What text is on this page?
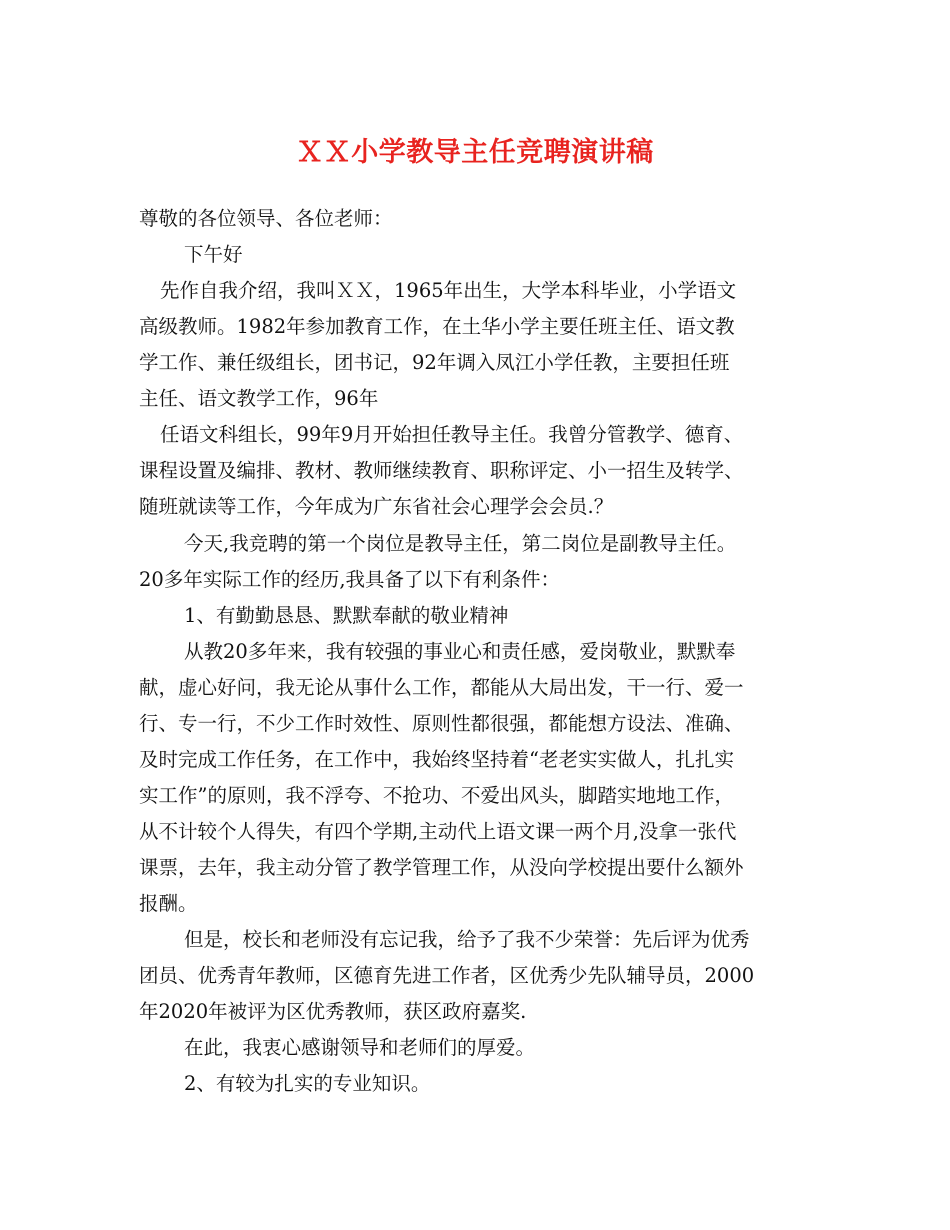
ＸＸ小学教导主任竞聘演讲稿
尊敬的各位领导、各位老师：
下午好
先作自我介绍，我叫ＸＸ，1965年出生，大学本科毕业，小学语文
高级教师。1982年参加教育工作，在土华小学主要任班主任、语文教
学工作、兼任级组长，团书记，92年调入凤江小学任教，主要担任班
主任、语文教学工作，96年
任语文科组长，99年9月开始担任教导主任。我曾分管教学、德育、
课程设置及编排、教材、教师继续教育、职称评定、小一招生及转学、
随班就读等工作，今年成为广东省社会心理学会会员.？
今天,我竞聘的第一个岗位是教导主任，第二岗位是副教导主任。
20多年实际工作的经历,我具备了以下有利条件：
1、有勤勤恳恳、默默奉献的敬业精神
从教20多年来，我有较强的事业心和责任感，爱岗敬业，默默奉
献，虚心好问，我无论从事什么工作，都能从大局出发，干一行、爱一
行、专一行，不少工作时效性、原则性都很强，都能想方设法、准确、
及时完成工作任务，在工作中，我始终坚持着“老老实实做人，扎扎实
实工作”的原则，我不浮夸、不抢功、不爱出风头，脚踏实地地工作，
从不计较个人得失，有四个学期,主动代上语文课一两个月,没拿一张代
课票，去年，我主动分管了教学管理工作，从没向学校提出要什么额外
报酬。
但是，校长和老师没有忘记我，给予了我不少荣誉：先后评为优秀
团员、优秀青年教师，区德育先进工作者，区优秀少先队辅导员，2000
年2020年被评为区优秀教师，获区政府嘉奖.
在此，我衷心感谢领导和老师们的厚爱。
2、有较为扎实的专业知识。
